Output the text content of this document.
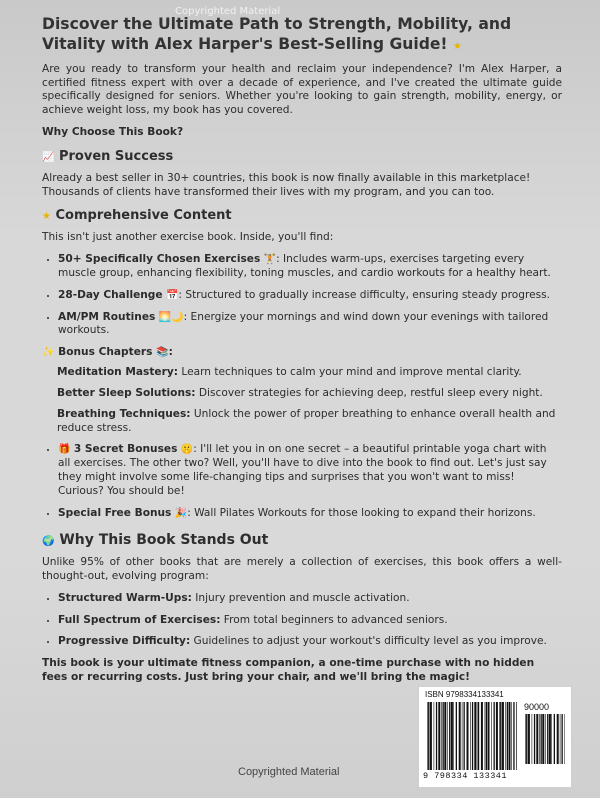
Copyrighted Material
Discover the Ultimate Path to Strength, Mobility, and Vitality with Alex Harper's Best-Selling Guide! ★

Are you ready to transform your health and reclaim your independence? I'm Alex Harper, a certified fitness expert with over a decade of experience, and I've created the ultimate guide specifically designed for seniors. Whether you're looking to gain strength, mobility, energy, or achieve weight loss, my book has you covered.

Why Choose This Book?

📈 Proven Success

Already a best seller in 30+ countries, this book is now finally available in this marketplace! Thousands of clients have transformed their lives with my program, and you can too.

★ Comprehensive Content

This isn't just another exercise book. Inside, you'll find:

• 50+ Specifically Chosen Exercises 🏋: Includes warm-ups, exercises targeting every muscle group, enhancing flexibility, toning muscles, and cardio workouts for a healthy heart.
• 28-Day Challenge 📅: Structured to gradually increase difficulty, ensuring steady progress.
• AM/PM Routines 🌅🌙: Energize your mornings and wind down your evenings with tailored workouts.
✨ Bonus Chapters 📚:

Meditation Mastery: Learn techniques to calm your mind and improve mental clarity.

Better Sleep Solutions: Discover strategies for achieving deep, restful sleep every night.

Breathing Techniques: Unlock the power of proper breathing to enhance overall health and reduce stress.

• 🎁 3 Secret Bonuses 🤫: I'll let you in on one secret – a beautiful printable yoga chart with all exercises. The other two? Well, you'll have to dive into the book to find out. Let's just say they might involve some life-changing tips and surprises that you won't want to miss! Curious? You should be!
• Special Free Bonus 🎉: Wall Pilates Workouts for those looking to expand their horizons.
🌍 Why This Book Stands Out

Unlike 95% of other books that are merely a collection of exercises, this book offers a well-thought-out, evolving program:

• Structured Warm-Ups: Injury prevention and muscle activation.
• Full Spectrum of Exercises: From total beginners to advanced seniors.
• Progressive Difficulty: Guidelines to adjust your workout's difficulty level as you improve.

This book is your ultimate fitness companion, a one-time purchase with no hidden fees or recurring costs. Just bring your chair, and we'll bring the magic!

ISBN 9798334133341
90000
9 798334 133341
Copyrighted Material
